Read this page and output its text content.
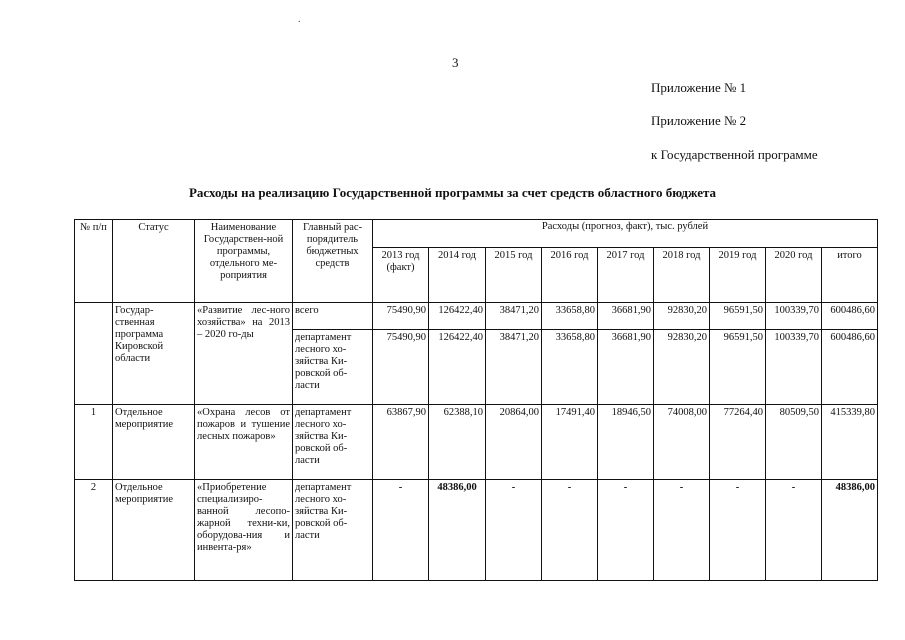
.
3
Приложение № 1
Приложение № 2
к Государственной программе
Расходы на реализацию Государственной программы за счет средств областного бюджета
№ п/п	Статус	Наименование Государствен-ной программы, отдельного ме-роприятия	Главный рас-порядитель бюджетных средств	Расходы (прогноз, факт), тыс. рублей								
				2013 год (факт)	2014 год	2015 год	2016 год	2017 год	2018 год	2019 год	2020 год	итого
	Государ-ственная программа Кировской области	«Развитие лес-ного хозяйства» на 2013 – 2020 го-ды	всего	75490,90	126422,40	38471,20	33658,80	36681,90	92830,20	96591,50	100339,70	600486,60
			департамент лесного хо-зяйства Ки-ровской об-ласти	75490,90	126422,40	38471,20	33658,80	36681,90	92830,20	96591,50	100339,70	600486,60
1	Отдельное мероприятие	«Охрана лесов от пожаров и тушение лесных пожаров»	департамент лесного хо-зяйства Ки-ровской об-ласти	63867,90	62388,10	20864,00	17491,40	18946,50	74008,00	77264,40	80509,50	415339,80
2	Отдельное мероприятие	«Приобретение специализиро-ванной лесопо-жарной техни-ки, оборудова-ния и инвента-ря»	департамент лесного хо-зяйства Ки-ровской об-ласти	-	48386,00	-	-	-	-	-	-	48386,00
